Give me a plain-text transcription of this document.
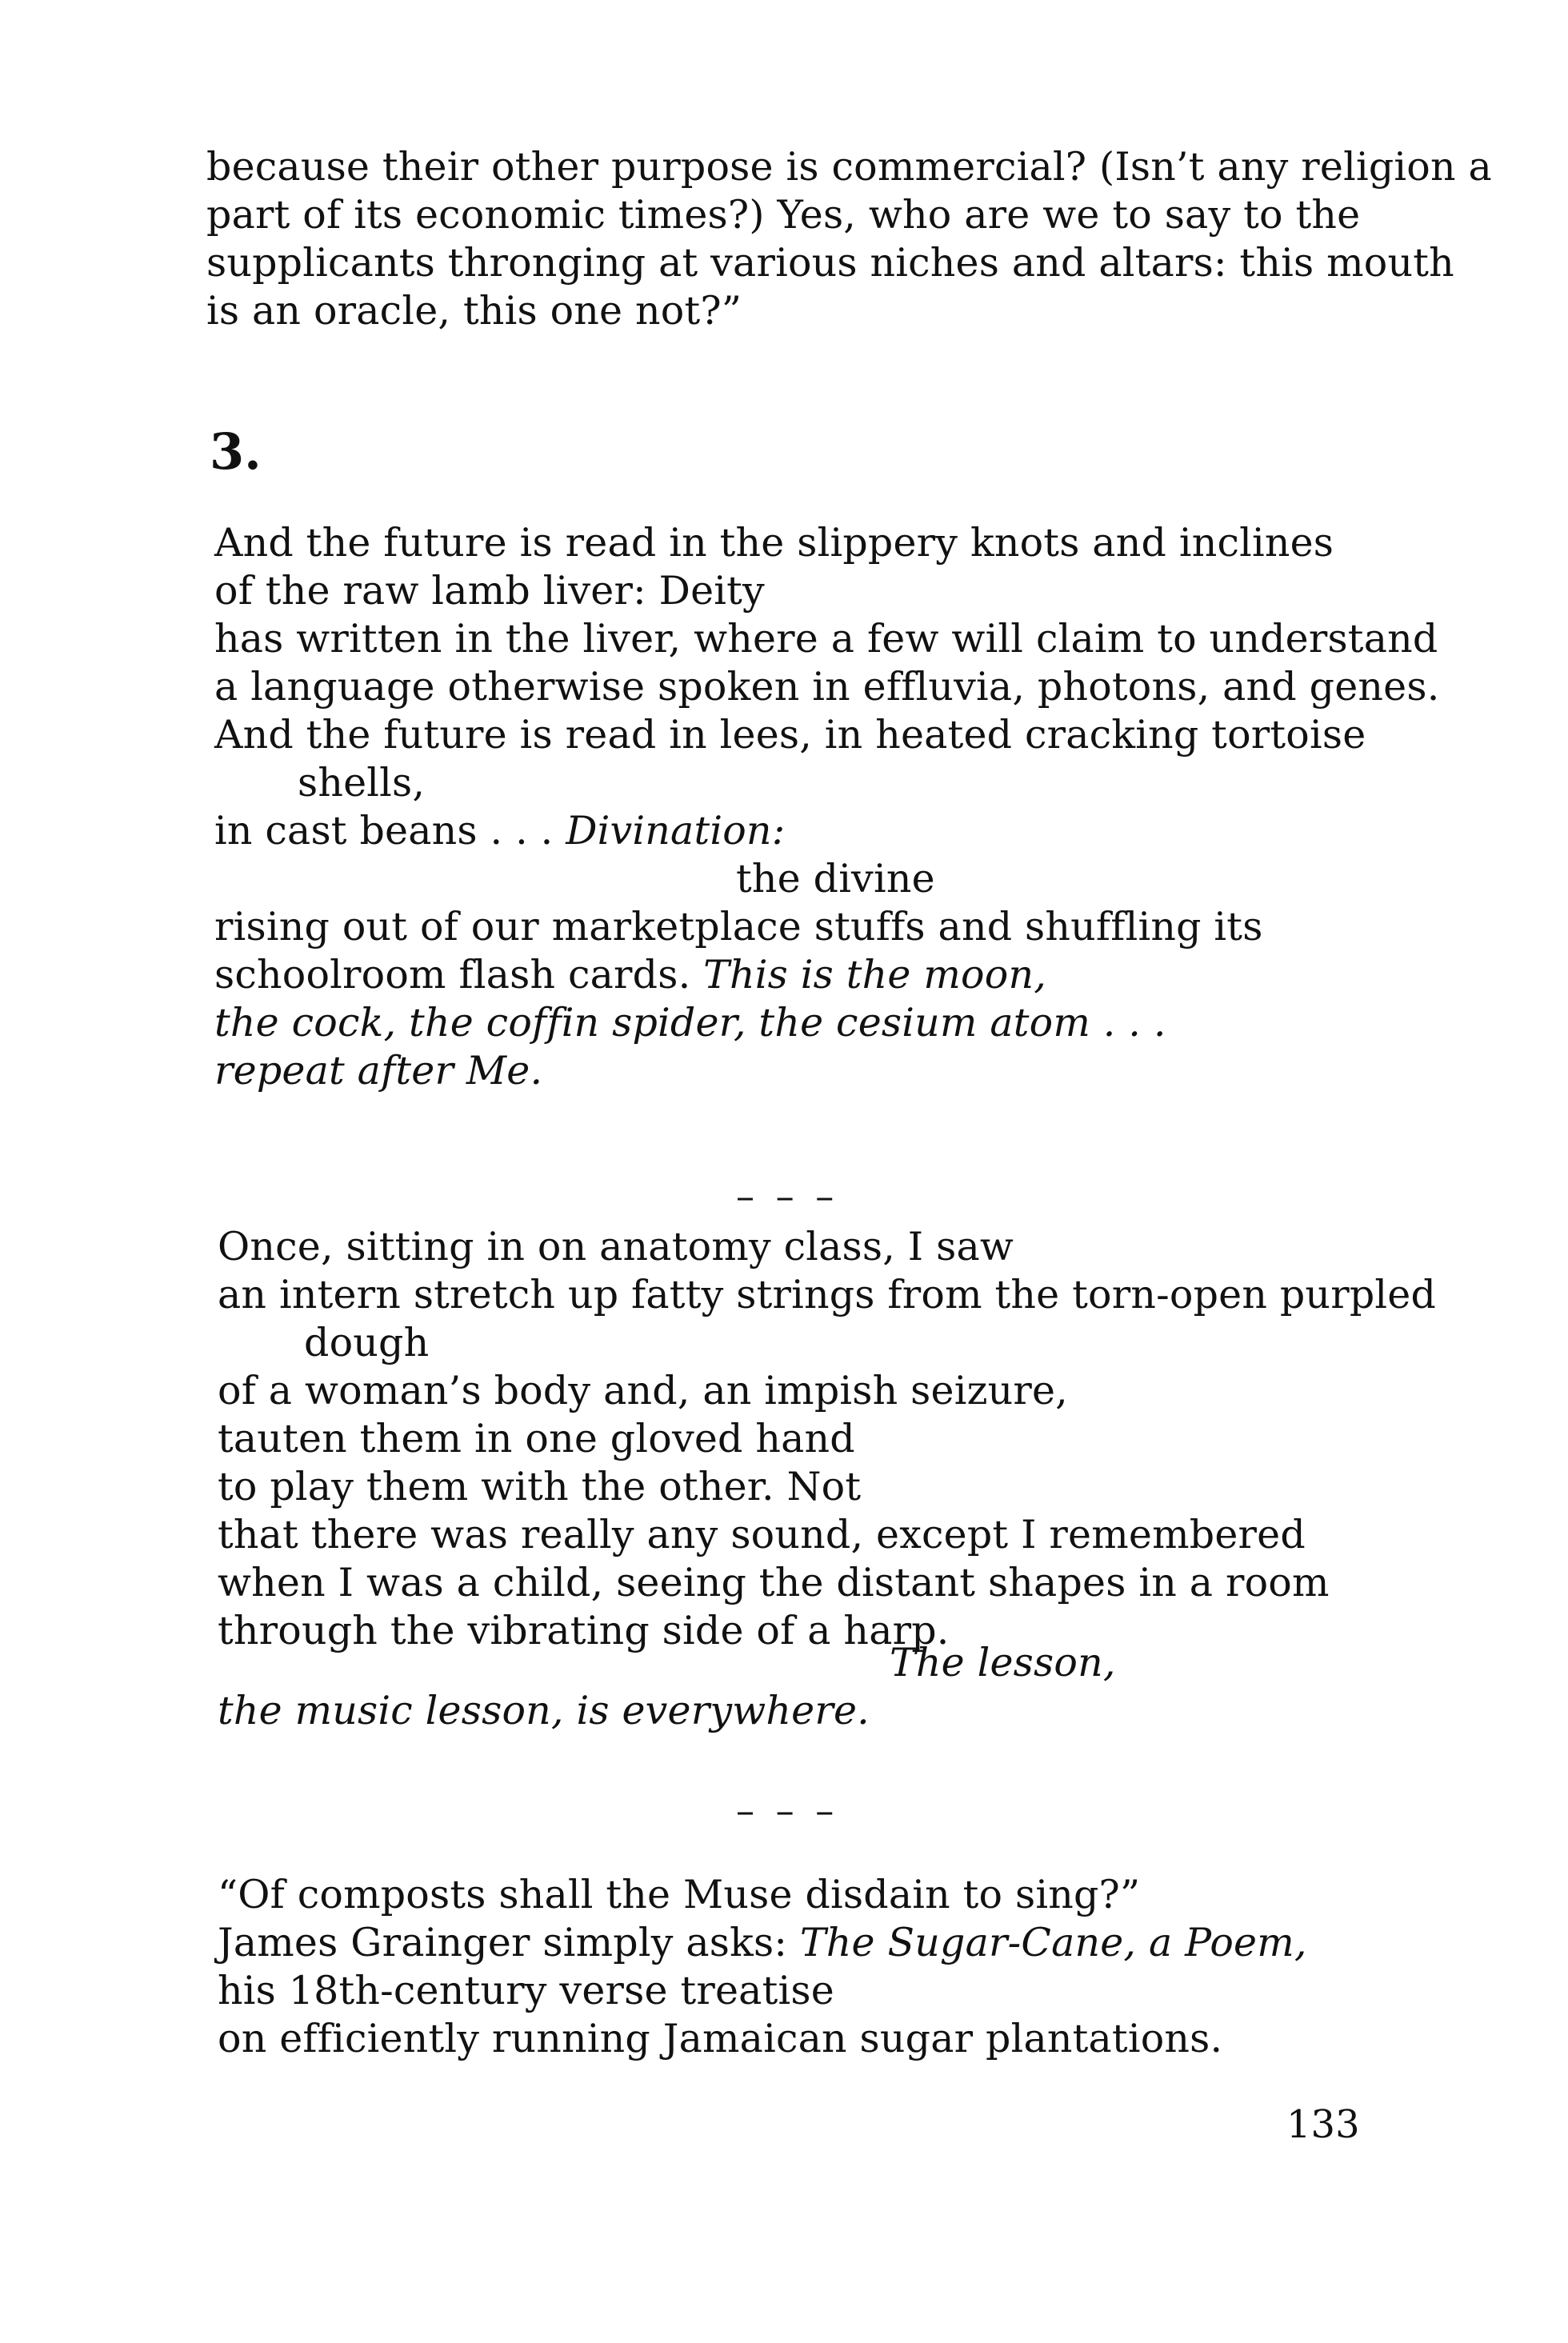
because their other purpose is commercial? (Isn’t any religion a
part of its economic times?) Yes, who are we to say to the
supplicants thronging at various niches and altars: this mouth
is an oracle, this one not?”
3.
And the future is read in the slippery knots and inclines
of the raw lamb liver: Deity
has written in the liver, where a few will claim to understand
a language otherwise spoken in effluvia, photons, and genes.
And the future is read in lees, in heated cracking tortoise
shells,
in cast beans . . . Divination:
the divine
rising out of our marketplace stuffs and shuffling its
schoolroom flash cards. This is the moon,
the cock, the coffin spider, the cesium atom . . .
repeat after Me.
– – –
Once, sitting in on anatomy class, I saw
an intern stretch up fatty strings from the torn-open purpled
dough
of a woman’s body and, an impish seizure,
tauten them in one gloved hand
to play them with the other. Not
that there was really any sound, except I remembered
when I was a child, seeing the distant shapes in a room
through the vibrating side of a harp.
The lesson,
the music lesson, is everywhere.
– – –
“Of composts shall the Muse disdain to sing?”
James Grainger simply asks: The Sugar-Cane, a Poem,
his 18th-century verse treatise
on efficiently running Jamaican sugar plantations.
133
